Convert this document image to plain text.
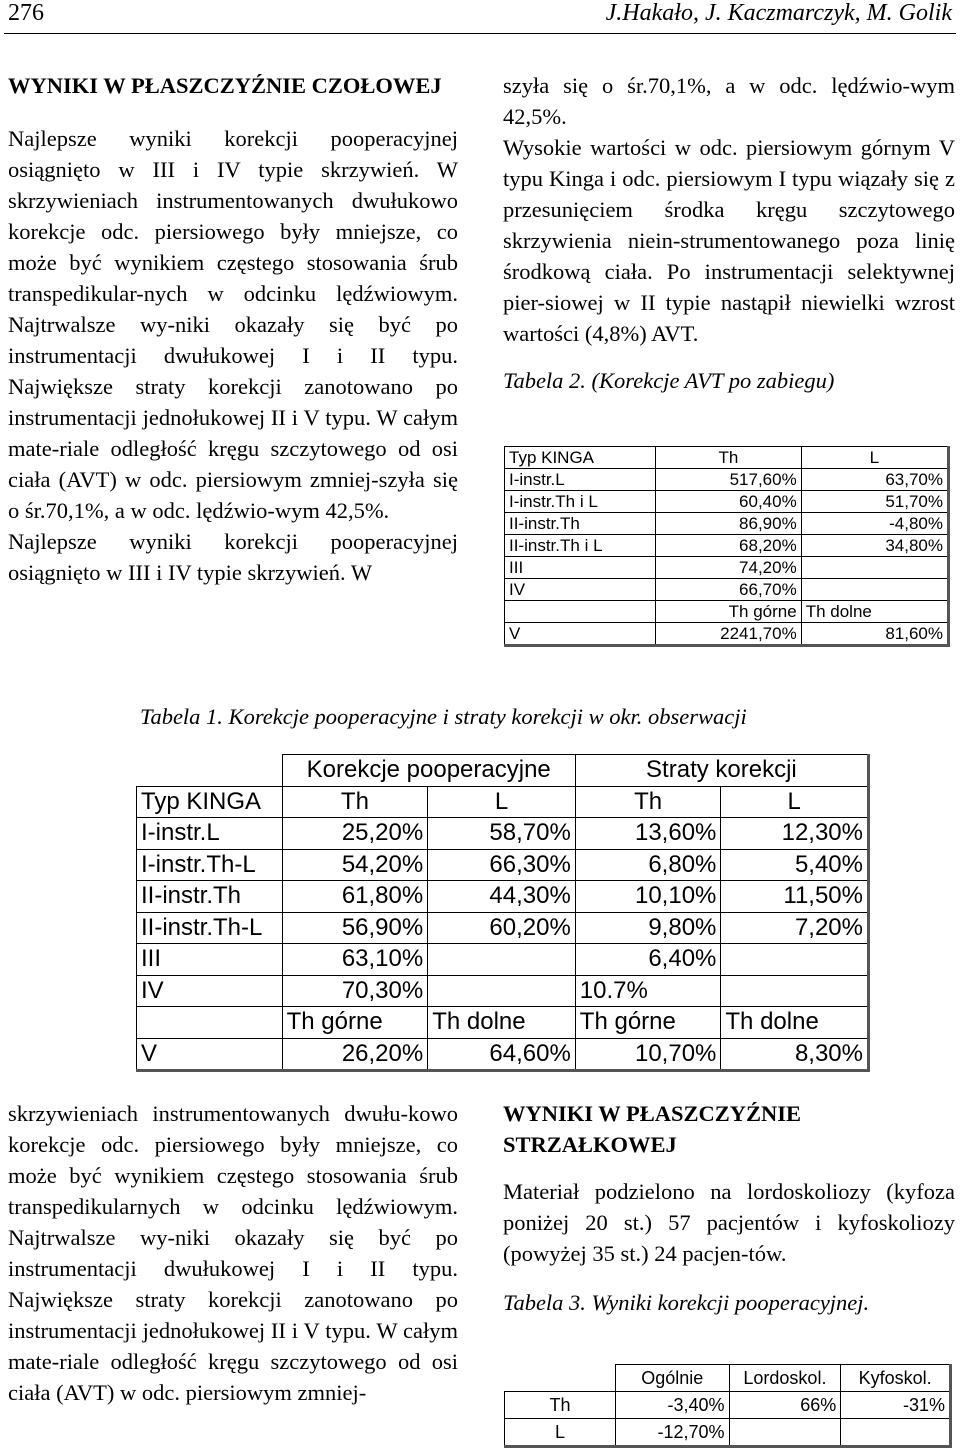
276	J.Hakało, J. Kaczmarczyk, M. Golik
WYNIKI W PŁASZCZYŹNIE CZOŁOWEJ

Najlepsze wyniki korekcji pooperacyjnej osiągnięto w III i IV typie skrzywień. W skrzywieniach instrumentowanych dwułukowo korekcje odc. piersiowego były mniejsze, co może być wynikiem częstego stosowania śrub transpedikular-nych w odcinku lędźwiowym. Najtrwalsze wy-niki okazały się być po instrumentacji dwułukowej I i II typu. Największe straty korekcji zanotowano po instrumentacji jednołukowej II i V typu. W całym mate-riale odległość kręgu szczytowego od osi ciała (AVT) w odc. piersiowym zmniej-szyła się o śr.70,1%, a w odc. lędźwio-wym 42,5%.

Najlepsze wyniki korekcji pooperacyjnej osiągnięto w III i IV typie skrzywień. W

szyła się o śr.70,1%, a w odc. lędźwio-wym 42,5%.

Wysokie wartości w odc. piersiowym górnym V typu Kinga i odc. piersiowym I typu wiązały się z przesunięciem środka kręgu szczytowego skrzywienia niein-strumentowanego poza linię środkową ciała. Po instrumentacji selektywnej pier-siowej w II typie nastąpił niewielki wzrost wartości (4,8%) AVT.

Tabela 2. (Korekcje AVT po zabiegu)

Typ KINGA	Th	L
I-instr.L	517,60%	63,70%
I-instr.Th i L	60,40%	51,70%
II-instr.Th	86,90%	-4,80%
II-instr.Th i L	68,20%	34,80%
III	74,20%	
IV	66,70%	
	Th górne	Th dolne
V	2241,70%	81,60%
Tabela 1. Korekcje pooperacyjne i straty korekcji w okr. obserwacji
	Korekcje pooperacyjne		Straty korekcji	
Typ KINGA	Th	L	Th	L
I-instr.L	25,20%	58,70%	13,60%	12,30%
I-instr.Th-L	54,20%	66,30%	6,80%	5,40%
II-instr.Th	61,80%	44,30%	10,10%	11,50%
II-instr.Th-L	56,90%	60,20%	9,80%	7,20%
III	63,10%		6,40%	
IV	70,30%		10.7%	
	Th górne	Th dolne	Th górne	Th dolne
V	26,20%	64,60%	10,70%	8,30%

skrzywieniach instrumentowanych dwułu-kowo korekcje odc. piersiowego były mniejsze, co może być wynikiem częstego stosowania śrub transpedikularnych w odcinku lędźwiowym. Najtrwalsze wy-niki okazały się być po instrumentacji dwułukowej I i II typu. Największe straty korekcji zanotowano po instrumentacji jednołukowej II i V typu. W całym mate-riale odległość kręgu szczytowego od osi ciała (AVT) w odc. piersiowym zmniej-

WYNIKI W PŁASZCZYŹNIE STRZAŁKOWEJ

Materiał podzielono na lordoskoliozy (kyfoza poniżej 20 st.) 57 pacjentów i kyfoskoliozy (powyżej 35 st.) 24 pacjen-tów.

Tabela 3. Wyniki korekcji pooperacyjnej.

	Ogólnie	Lordoskol.	Kyfoskol.
Th	-3,40%	66%	-31%
L	-12,70%		
